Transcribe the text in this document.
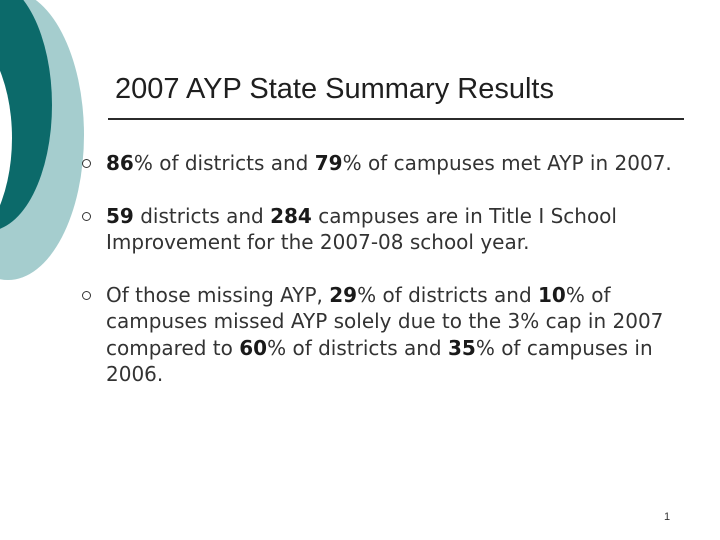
2007 AYP State Summary Results
86% of districts and 79% of campuses met AYP in 2007.
59 districts and 284 campuses are in Title I School Improvement for the 2007-08 school year.
Of those missing AYP, 29% of districts and 10% of campuses missed AYP solely due to the 3% cap in 2007 compared to 60% of districts and 35% of campuses in 2006.
1
